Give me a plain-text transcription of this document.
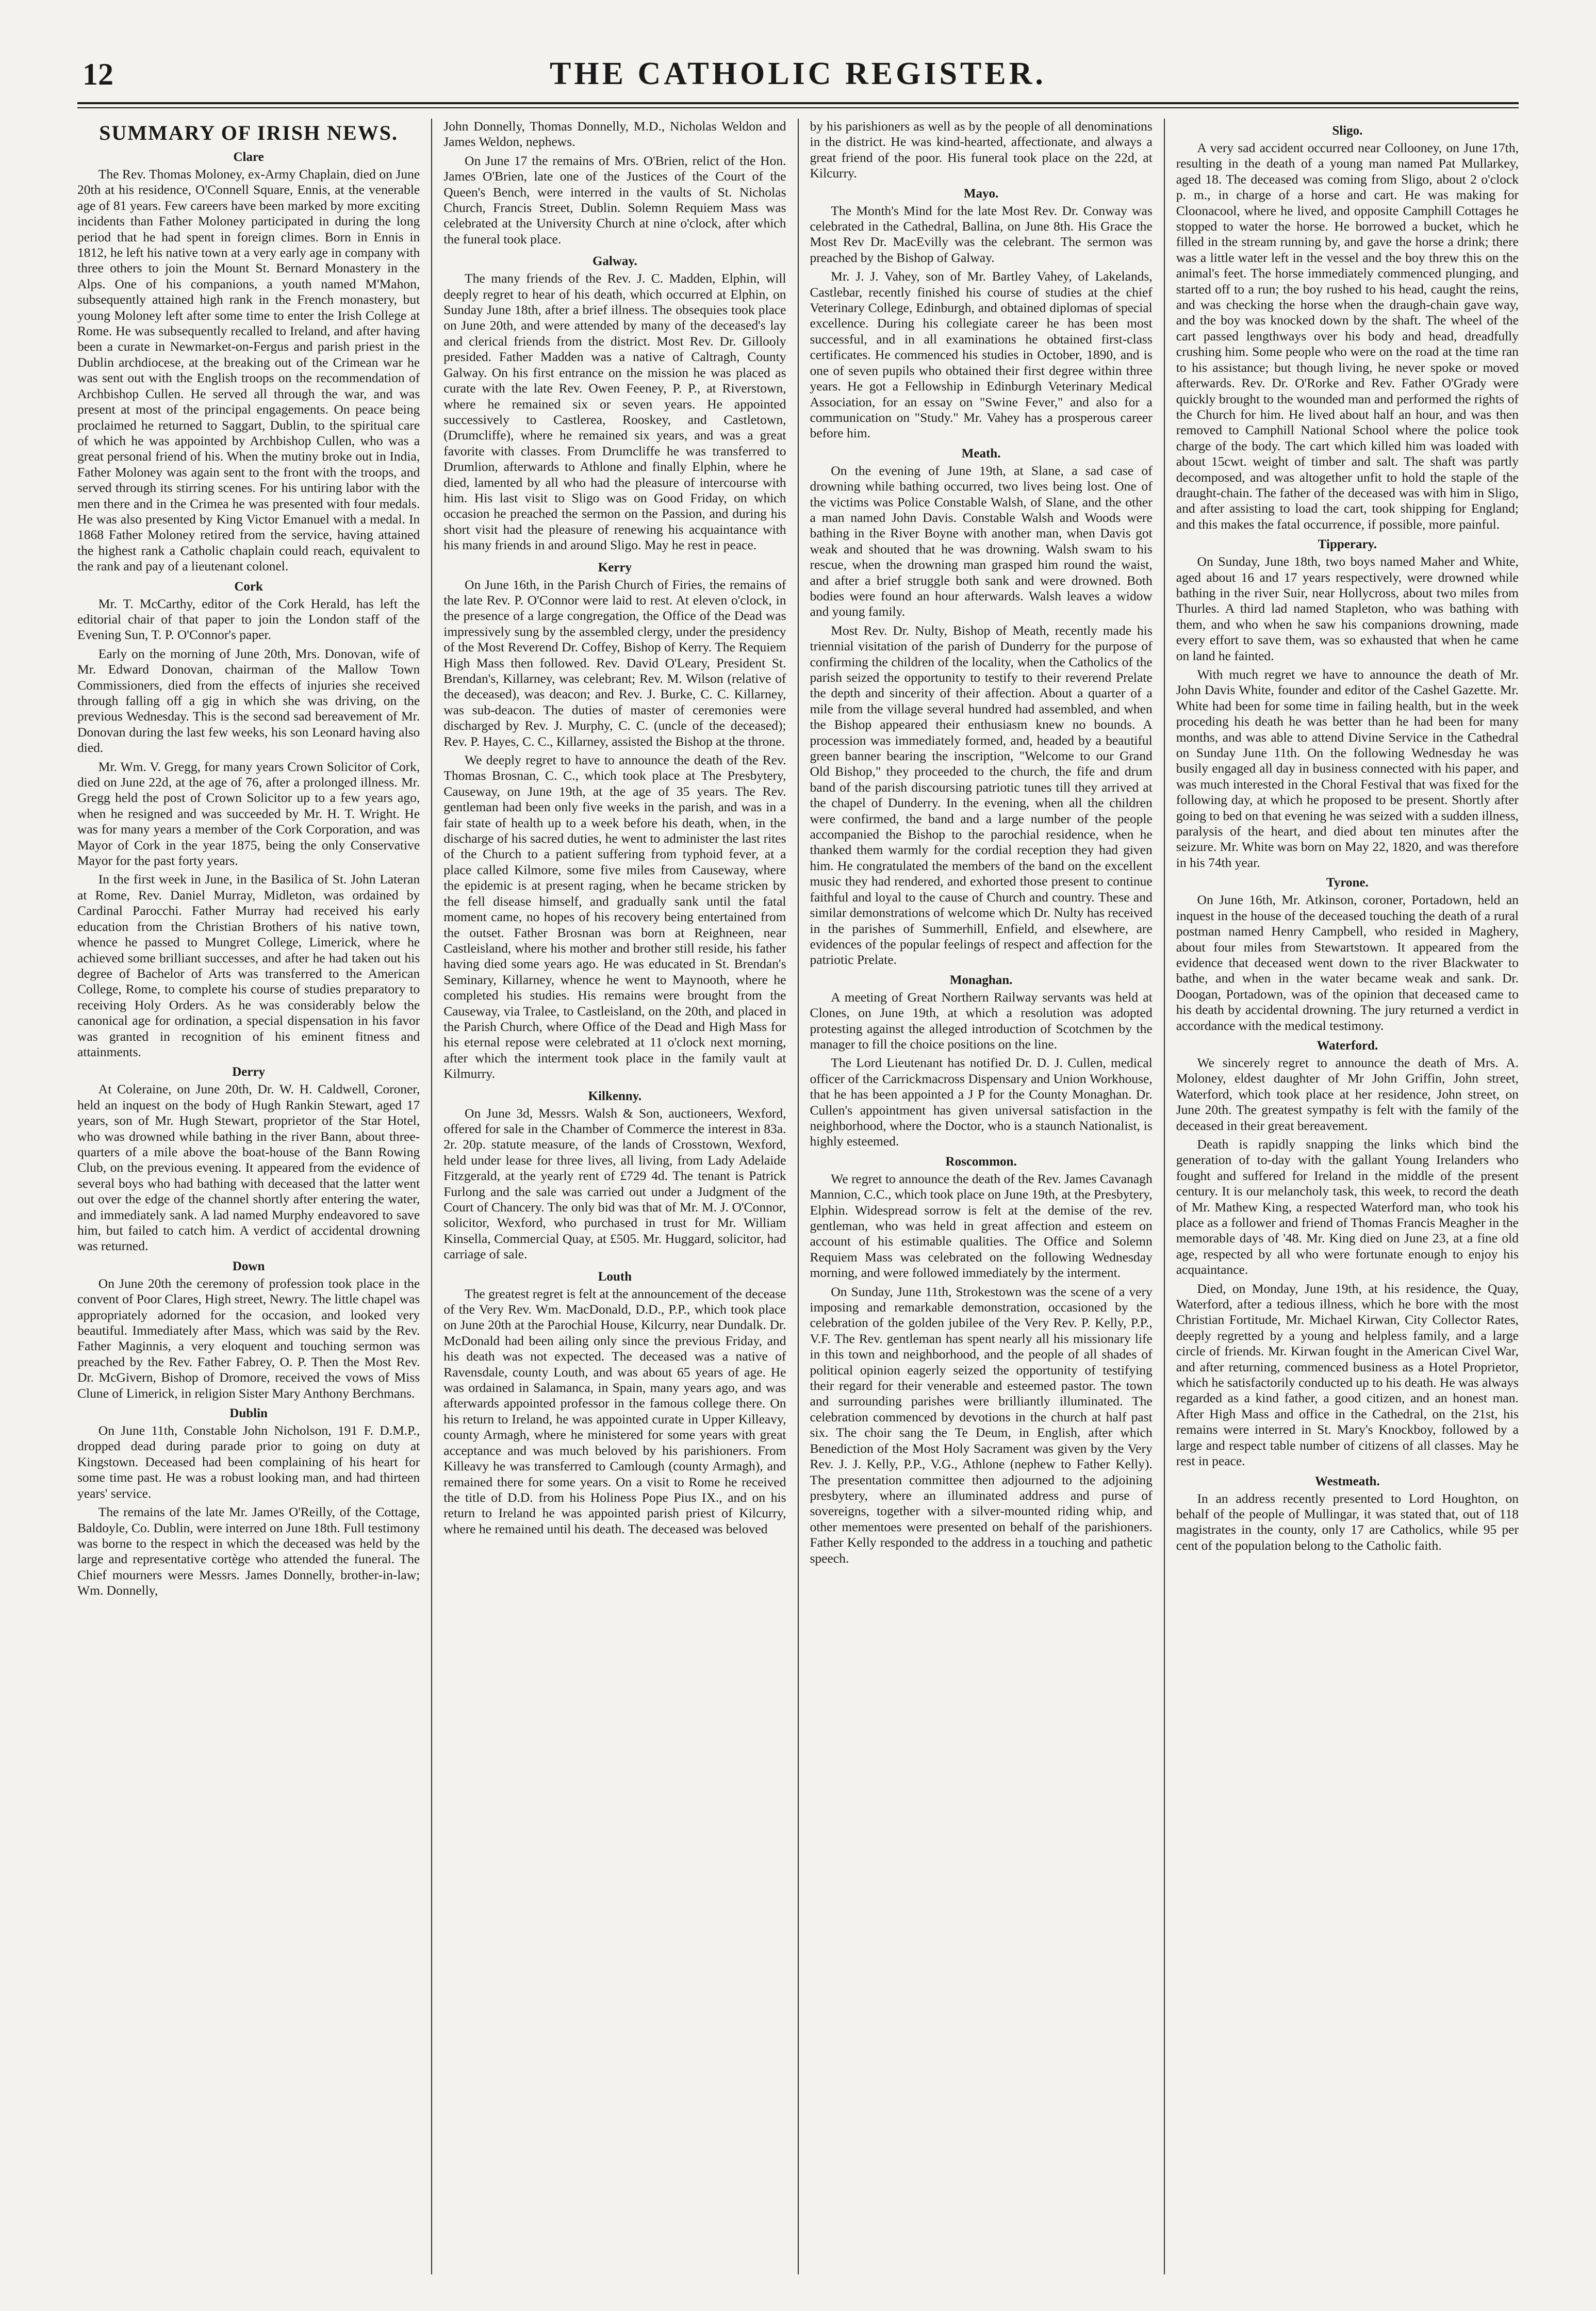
12	THE CATHOLIC REGISTER.
SUMMARY OF IRISH NEWS.
Clare

The Rev. Thomas Moloney, ex-Army Chaplain, died on June 20th at his residence, O'Connell Square, Ennis, at the venerable age of 81 years. Few careers have been marked by more exciting incidents than Father Moloney participated in during the long period that he had spent in foreign climes. Born in Ennis in 1812, he left his native town at a very early age in company with three others to join the Mount St. Bernard Monastery in the Alps. One of his companions, a youth named M'Mahon, subsequently attained high rank in the French monastery, but young Moloney left after some time to enter the Irish College at Rome. He was subsequently recalled to Ireland, and after having been a curate in Newmarket-on-Fergus and parish priest in the Dublin archdiocese, at the breaking out of the Crimean war he was sent out with the English troops on the recommendation of Archbishop Cullen. He served all through the war, and was present at most of the principal engagements. On peace being proclaimed he returned to Saggart, Dublin, to the spiritual care of which he was appointed by Archbishop Cullen, who was a great personal friend of his. When the mutiny broke out in India, Father Moloney was again sent to the front with the troops, and served through its stirring scenes. For his untiring labor with the men there and in the Crimea he was presented with four medals. He was also presented by King Victor Emanuel with a medal. In 1868 Father Moloney retired from the service, having attained the highest rank a Catholic chaplain could reach, equivalent to the rank and pay of a lieutenant colonel.

Cork

Mr. T. McCarthy, editor of the Cork Herald, has left the editorial chair of that paper to join the London staff of the Evening Sun, T. P. O'Connor's paper.

Early on the morning of June 20th, Mrs. Donovan, wife of Mr. Edward Donovan, chairman of the Mallow Town Commissioners, died from the effects of injuries she received through falling off a gig in which she was driving, on the previous Wednesday. This is the second sad bereavement of Mr. Donovan during the last few weeks, his son Leonard having also died.

Mr. Wm. V. Gregg, for many years Crown Solicitor of Cork, died on June 22d, at the age of 76, after a prolonged illness. Mr. Gregg held the post of Crown Solicitor up to a few years ago, when he resigned and was succeeded by Mr. H. T. Wright. He was for many years a member of the Cork Corporation, and was Mayor of Cork in the year 1875, being the only Conservative Mayor for the past forty years.

In the first week in June, in the Basilica of St. John Lateran at Rome, Rev. Daniel Murray, Midleton, was ordained by Cardinal Parocchi. Father Murray had received his early education from the Christian Brothers of his native town, whence he passed to Mungret College, Limerick, where he achieved some brilliant successes, and after he had taken out his degree of Bachelor of Arts was transferred to the American College, Rome, to complete his course of studies preparatory to receiving Holy Orders. As he was considerably below the canonical age for ordination, a special dispensation in his favor was granted in recognition of his eminent fitness and attainments.

Derry

At Coleraine, on June 20th, Dr. W. H. Caldwell, Coroner, held an inquest on the body of Hugh Rankin Stewart, aged 17 years, son of Mr. Hugh Stewart, proprietor of the Star Hotel, who was drowned while bathing in the river Bann, about three-quarters of a mile above the boat-house of the Bann Rowing Club, on the previous evening. It appeared from the evidence of several boys who had bathing with deceased that the latter went out over the edge of the channel shortly after entering the water, and immediately sank. A lad named Murphy endeavored to save him, but failed to catch him. A verdict of accidental drowning was returned.

Down

On June 20th the ceremony of profession took place in the convent of Poor Clares, High street, Newry. The little chapel was appropriately adorned for the occasion, and looked very beautiful. Immediately after Mass, which was said by the Rev. Father Maginnis, a very eloquent and touching sermon was preached by the Rev. Father Fabrey, O. P. Then the Most Rev. Dr. McGivern, Bishop of Dromore, received the vows of Miss Clune of Limerick, in religion Sister Mary Anthony Berchmans.

Dublin

On June 11th, Constable John Nicholson, 191 F. D.M.P., dropped dead during parade prior to going on duty at Kingstown. Deceased had been complaining of his heart for some time past. He was a robust looking man, and had thirteen years' service.

The remains of the late Mr. James O'Reilly, of the Cottage, Baldoyle, Co. Dublin, were interred on June 18th. Full testimony was borne to the respect in which the deceased was held by the large and representative cortège who attended the funeral. The Chief mourners were Messrs. James Donnelly, brother-in-law; Wm. Donnelly,

John Donnelly, Thomas Donnelly, M.D., Nicholas Weldon and James Weldon, nephews.

On June 17 the remains of Mrs. O'Brien, relict of the Hon. James O'Brien, late one of the Justices of the Court of the Queen's Bench, were interred in the vaults of St. Nicholas Church, Francis Street, Dublin. Solemn Requiem Mass was celebrated at the University Church at nine o'clock, after which the funeral took place.

Galway.

The many friends of the Rev. J. C. Madden, Elphin, will deeply regret to hear of his death, which occurred at Elphin, on Sunday June 18th, after a brief illness. The obsequies took place on June 20th, and were attended by many of the deceased's lay and clerical friends from the district. Most Rev. Dr. Gillooly presided. Father Madden was a native of Caltragh, County Galway. On his first entrance on the mission he was placed as curate with the late Rev. Owen Feeney, P. P., at Riverstown, where he remained six or seven years. He appointed successively to Castlerea, Rooskey, and Castletown, (Drumcliffe), where he remained six years, and was a great favorite with classes. From Drumcliffe he was transferred to Drumlion, afterwards to Athlone and finally Elphin, where he died, lamented by all who had the pleasure of intercourse with him. His last visit to Sligo was on Good Friday, on which occasion he preached the sermon on the Passion, and during his short visit had the pleasure of renewing his acquaintance with his many friends in and around Sligo. May he rest in peace.

Kerry

On June 16th, in the Parish Church of Firies, the remains of the late Rev. P. O'Connor were laid to rest. At eleven o'clock, in the presence of a large congregation, the Office of the Dead was impressively sung by the assembled clergy, under the presidency of the Most Reverend Dr. Coffey, Bishop of Kerry. The Requiem High Mass then followed. Rev. David O'Leary, President St. Brendan's, Killarney, was celebrant; Rev. M. Wilson (relative of the deceased), was deacon; and Rev. J. Burke, C. C. Killarney, was sub-deacon. The duties of master of ceremonies were discharged by Rev. J. Murphy, C. C. (uncle of the deceased); Rev. P. Hayes, C. C., Killarney, assisted the Bishop at the throne.

We deeply regret to have to announce the death of the Rev. Thomas Brosnan, C. C., which took place at The Presbytery, Causeway, on June 19th, at the age of 35 years. The Rev. gentleman had been only five weeks in the parish, and was in a fair state of health up to a week before his death, when, in the discharge of his sacred duties, he went to administer the last rites of the Church to a patient suffering from typhoid fever, at a place called Kilmore, some five miles from Causeway, where the epidemic is at present raging, when he became stricken by the fell disease himself, and gradually sank until the fatal moment came, no hopes of his recovery being entertained from the outset. Father Brosnan was born at Reighneen, near Castleisland, where his mother and brother still reside, his father having died some years ago. He was educated in St. Brendan's Seminary, Killarney, whence he went to Maynooth, where he completed his studies. His remains were brought from the Causeway, via Tralee, to Castleisland, on the 20th, and placed in the Parish Church, where Office of the Dead and High Mass for his eternal repose were celebrated at 11 o'clock next morning, after which the interment took place in the family vault at Kilmurry.

Kilkenny.

On June 3d, Messrs. Walsh & Son, auctioneers, Wexford, offered for sale in the Chamber of Commerce the interest in 83a. 2r. 20p. statute measure, of the lands of Crosstown, Wexford, held under lease for three lives, all living, from Lady Adelaide Fitzgerald, at the yearly rent of £729 4d. The tenant is Patrick Furlong and the sale was carried out under a Judgment of the Court of Chancery. The only bid was that of Mr. M. J. O'Connor, solicitor, Wexford, who purchased in trust for Mr. William Kinsella, Commercial Quay, at £505. Mr. Huggard, solicitor, had carriage of sale.

Louth

The greatest regret is felt at the announcement of the decease of the Very Rev. Wm. MacDonald, D.D., P.P., which took place on June 20th at the Parochial House, Kilcurry, near Dundalk. Dr. McDonald had been ailing only since the previous Friday, and his death was not expected. The deceased was a native of Ravensdale, county Louth, and was about 65 years of age. He was ordained in Salamanca, in Spain, many years ago, and was afterwards appointed professor in the famous college there. On his return to Ireland, he was appointed curate in Upper Killeavy, county Armagh, where he ministered for some years with great acceptance and was much beloved by his parishioners. From Killeavy he was transferred to Camlough (county Armagh), and remained there for some years. On a visit to Rome he received the title of D.D. from his Holiness Pope Pius IX., and on his return to Ireland he was appointed parish priest of Kilcurry, where he remained until his death. The deceased was beloved

by his parishioners as well as by the people of all denominations in the district. He was kind-hearted, affectionate, and always a great friend of the poor. His funeral took place on the 22d, at Kilcurry.

Mayo.

The Month's Mind for the late Most Rev. Dr. Conway was celebrated in the Cathedral, Ballina, on June 8th. His Grace the Most Rev Dr. MacEvilly was the celebrant. The sermon was preached by the Bishop of Galway.

Mr. J. J. Vahey, son of Mr. Bartley Vahey, of Lakelands, Castlebar, recently finished his course of studies at the chief Veterinary College, Edinburgh, and obtained diplomas of special excellence. During his collegiate career he has been most successful, and in all examinations he obtained first-class certificates. He commenced his studies in October, 1890, and is one of seven pupils who obtained their first degree within three years. He got a Fellowship in Edinburgh Veterinary Medical Association, for an essay on "Swine Fever," and also for a communication on "Study." Mr. Vahey has a prosperous career before him.

Meath.

On the evening of June 19th, at Slane, a sad case of drowning while bathing occurred, two lives being lost. One of the victims was Police Constable Walsh, of Slane, and the other a man named John Davis. Constable Walsh and Woods were bathing in the River Boyne with another man, when Davis got weak and shouted that he was drowning. Walsh swam to his rescue, when the drowning man grasped him round the waist, and after a brief struggle both sank and were drowned. Both bodies were found an hour afterwards. Walsh leaves a widow and young family.

Most Rev. Dr. Nulty, Bishop of Meath, recently made his triennial visitation of the parish of Dunderry for the purpose of confirming the children of the locality, when the Catholics of the parish seized the opportunity to testify to their reverend Prelate the depth and sincerity of their affection. About a quarter of a mile from the village several hundred had assembled, and when the Bishop appeared their enthusiasm knew no bounds. A procession was immediately formed, and, headed by a beautiful green banner bearing the inscription, "Welcome to our Grand Old Bishop," they proceeded to the church, the fife and drum band of the parish discoursing patriotic tunes till they arrived at the chapel of Dunderry. In the evening, when all the children were confirmed, the band and a large number of the people accompanied the Bishop to the parochial residence, when he thanked them warmly for the cordial reception they had given him. He congratulated the members of the band on the excellent music they had rendered, and exhorted those present to continue faithful and loyal to the cause of Church and country. These and similar demonstrations of welcome which Dr. Nulty has received in the parishes of Summerhill, Enfield, and elsewhere, are evidences of the popular feelings of respect and affection for the patriotic Prelate.

Monaghan.

A meeting of Great Northern Railway servants was held at Clones, on June 19th, at which a resolution was adopted protesting against the alleged introduction of Scotchmen by the manager to fill the choice positions on the line.

The Lord Lieutenant has notified Dr. D. J. Cullen, medical officer of the Carrickmacross Dispensary and Union Workhouse, that he has been appointed a J P for the County Monaghan. Dr. Cullen's appointment has given universal satisfaction in the neighborhood, where the Doctor, who is a staunch Nationalist, is highly esteemed.

Roscommon.

We regret to announce the death of the Rev. James Cavanagh Mannion, C.C., which took place on June 19th, at the Presbytery, Elphin. Widespread sorrow is felt at the demise of the rev. gentleman, who was held in great affection and esteem on account of his estimable qualities. The Office and Solemn Requiem Mass was celebrated on the following Wednesday morning, and were followed immediately by the interment.

On Sunday, June 11th, Strokestown was the scene of a very imposing and remarkable demonstration, occasioned by the celebration of the golden jubilee of the Very Rev. P. Kelly, P.P., V.F. The Rev. gentleman has spent nearly all his missionary life in this town and neighborhood, and the people of all shades of political opinion eagerly seized the opportunity of testifying their regard for their venerable and esteemed pastor. The town and surrounding parishes were brilliantly illuminated. The celebration commenced by devotions in the church at half past six. The choir sang the Te Deum, in English, after which Benediction of the Most Holy Sacrament was given by the Very Rev. J. J. Kelly, P.P., V.G., Athlone (nephew to Father Kelly). The presentation committee then adjourned to the adjoining presbytery, where an illuminated address and purse of sovereigns, together with a silver-mounted riding whip, and other mementoes were presented on behalf of the parishioners. Father Kelly responded to the address in a touching and pathetic speech.

Sligo.

A very sad accident occurred near Collooney, on June 17th, resulting in the death of a young man named Pat Mullarkey, aged 18. The deceased was coming from Sligo, about 2 o'clock p. m., in charge of a horse and cart. He was making for Cloonacool, where he lived, and opposite Camphill Cottages he stopped to water the horse. He borrowed a bucket, which he filled in the stream running by, and gave the horse a drink; there was a little water left in the vessel and the boy threw this on the animal's feet. The horse immediately commenced plunging, and started off to a run; the boy rushed to his head, caught the reins, and was checking the horse when the draugh-chain gave way, and the boy was knocked down by the shaft. The wheel of the cart passed lengthways over his body and head, dreadfully crushing him. Some people who were on the road at the time ran to his assistance; but though living, he never spoke or moved afterwards. Rev. Dr. O'Rorke and Rev. Father O'Grady were quickly brought to the wounded man and performed the rights of the Church for him. He lived about half an hour, and was then removed to Camphill National School where the police took charge of the body. The cart which killed him was loaded with about 15cwt. weight of timber and salt. The shaft was partly decomposed, and was altogether unfit to hold the staple of the draught-chain. The father of the deceased was with him in Sligo, and after assisting to load the cart, took shipping for England; and this makes the fatal occurrence, if possible, more painful.

Tipperary.

On Sunday, June 18th, two boys named Maher and White, aged about 16 and 17 years respectively, were drowned while bathing in the river Suir, near Hollycross, about two miles from Thurles. A third lad named Stapleton, who was bathing with them, and who when he saw his companions drowning, made every effort to save them, was so exhausted that when he came on land he fainted.

With much regret we have to announce the death of Mr. John Davis White, founder and editor of the Cashel Gazette. Mr. White had been for some time in failing health, but in the week proceding his death he was better than he had been for many months, and was able to attend Divine Service in the Cathedral on Sunday June 11th. On the following Wednesday he was busily engaged all day in business connected with his paper, and was much interested in the Choral Festival that was fixed for the following day, at which he proposed to be present. Shortly after going to bed on that evening he was seized with a sudden illness, paralysis of the heart, and died about ten minutes after the seizure. Mr. White was born on May 22, 1820, and was therefore in his 74th year.

Tyrone.

On June 16th, Mr. Atkinson, coroner, Portadown, held an inquest in the house of the deceased touching the death of a rural postman named Henry Campbell, who resided in Maghery, about four miles from Stewartstown. It appeared from the evidence that deceased went down to the river Blackwater to bathe, and when in the water became weak and sank. Dr. Doogan, Portadown, was of the opinion that deceased came to his death by accidental drowning. The jury returned a verdict in accordance with the medical testimony.

Waterford.

We sincerely regret to announce the death of Mrs. A. Moloney, eldest daughter of Mr John Griffin, John street, Waterford, which took place at her residence, John street, on June 20th. The greatest sympathy is felt with the family of the deceased in their great bereavement.

Death is rapidly snapping the links which bind the generation of to-day with the gallant Young Irelanders who fought and suffered for Ireland in the middle of the present century. It is our melancholy task, this week, to record the death of Mr. Mathew King, a respected Waterford man, who took his place as a follower and friend of Thomas Francis Meagher in the memorable days of '48. Mr. King died on June 23, at a fine old age, respected by all who were fortunate enough to enjoy his acquaintance.

Died, on Monday, June 19th, at his residence, the Quay, Waterford, after a tedious illness, which he bore with the most Christian Fortitude, Mr. Michael Kirwan, City Collector Rates, deeply regretted by a young and helpless family, and a large circle of friends. Mr. Kirwan fought in the American Civel War, and after returning, commenced business as a Hotel Proprietor, which he satisfactorily conducted up to his death. He was always regarded as a kind father, a good citizen, and an honest man. After High Mass and office in the Cathedral, on the 21st, his remains were interred in St. Mary's Knockboy, followed by a large and respect table number of citizens of all classes. May he rest in peace.

Westmeath.

In an address recently presented to Lord Houghton, on behalf of the people of Mullingar, it was stated that, out of 118 magistrates in the county, only 17 are Catholics, while 95 per cent of the population belong to the Catholic faith.
